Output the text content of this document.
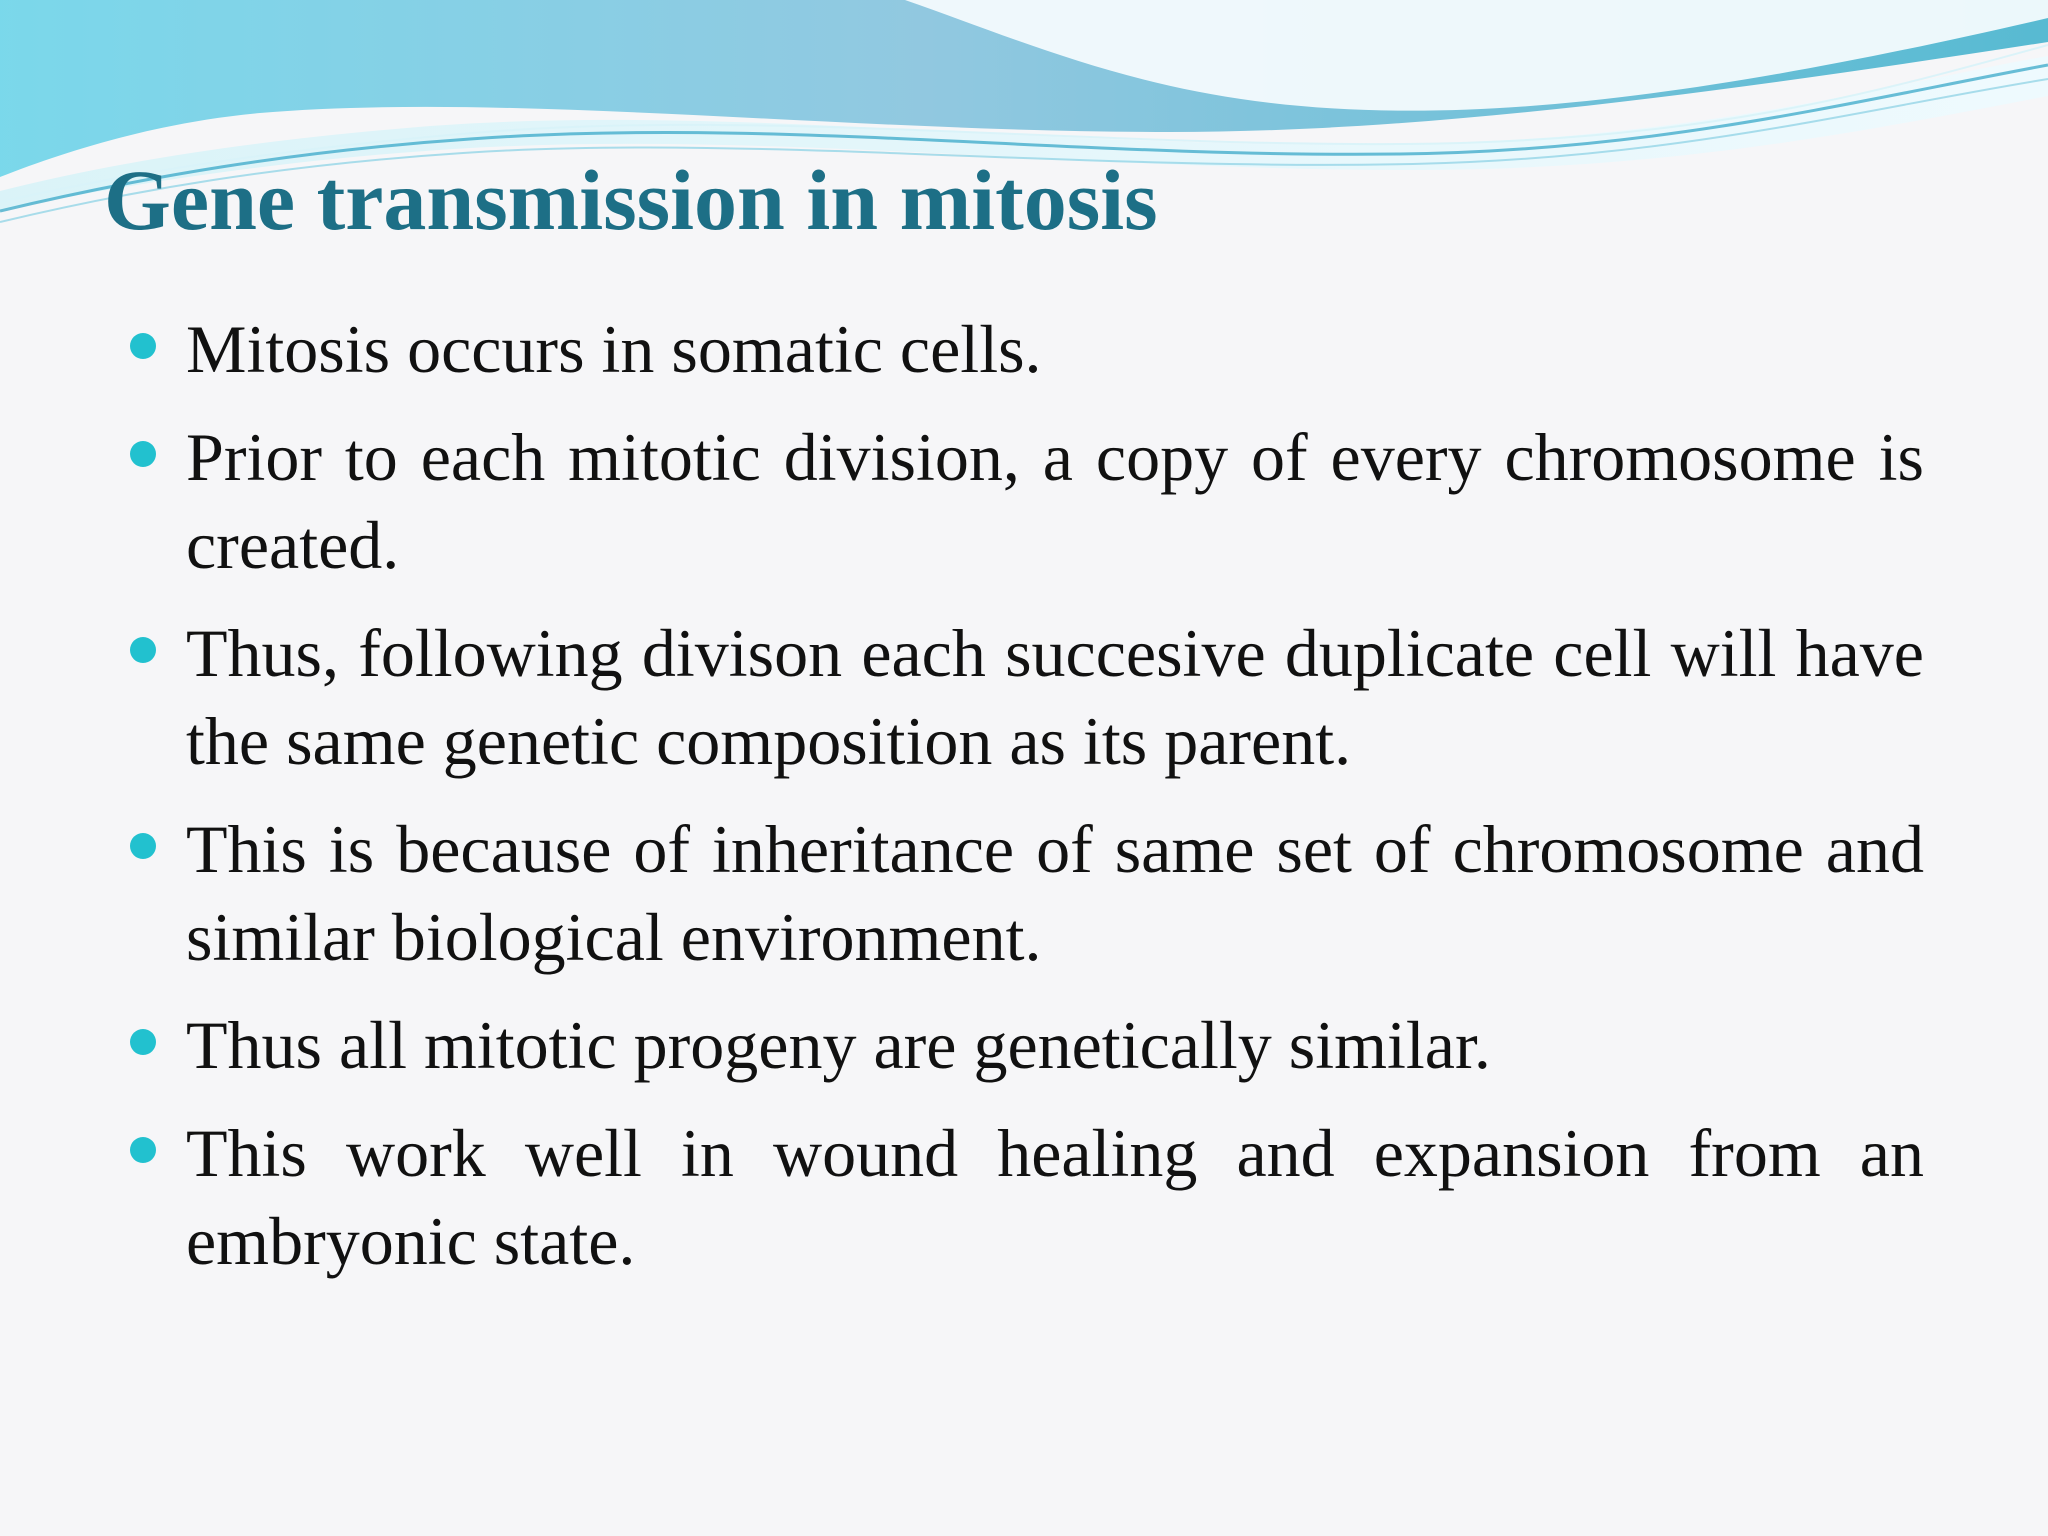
Gene transmission in mitosis
Mitosis occurs in somatic cells.
Prior to each mitotic division, a copy of every chromosome is created.
Thus, following divison each succesive duplicate cell will have the same genetic composition as its parent.
This is because of inheritance of same set of chromosome and similar biological environment.
Thus all mitotic progeny are genetically similar.
This work well in wound healing and expansion from an embryonic state.
